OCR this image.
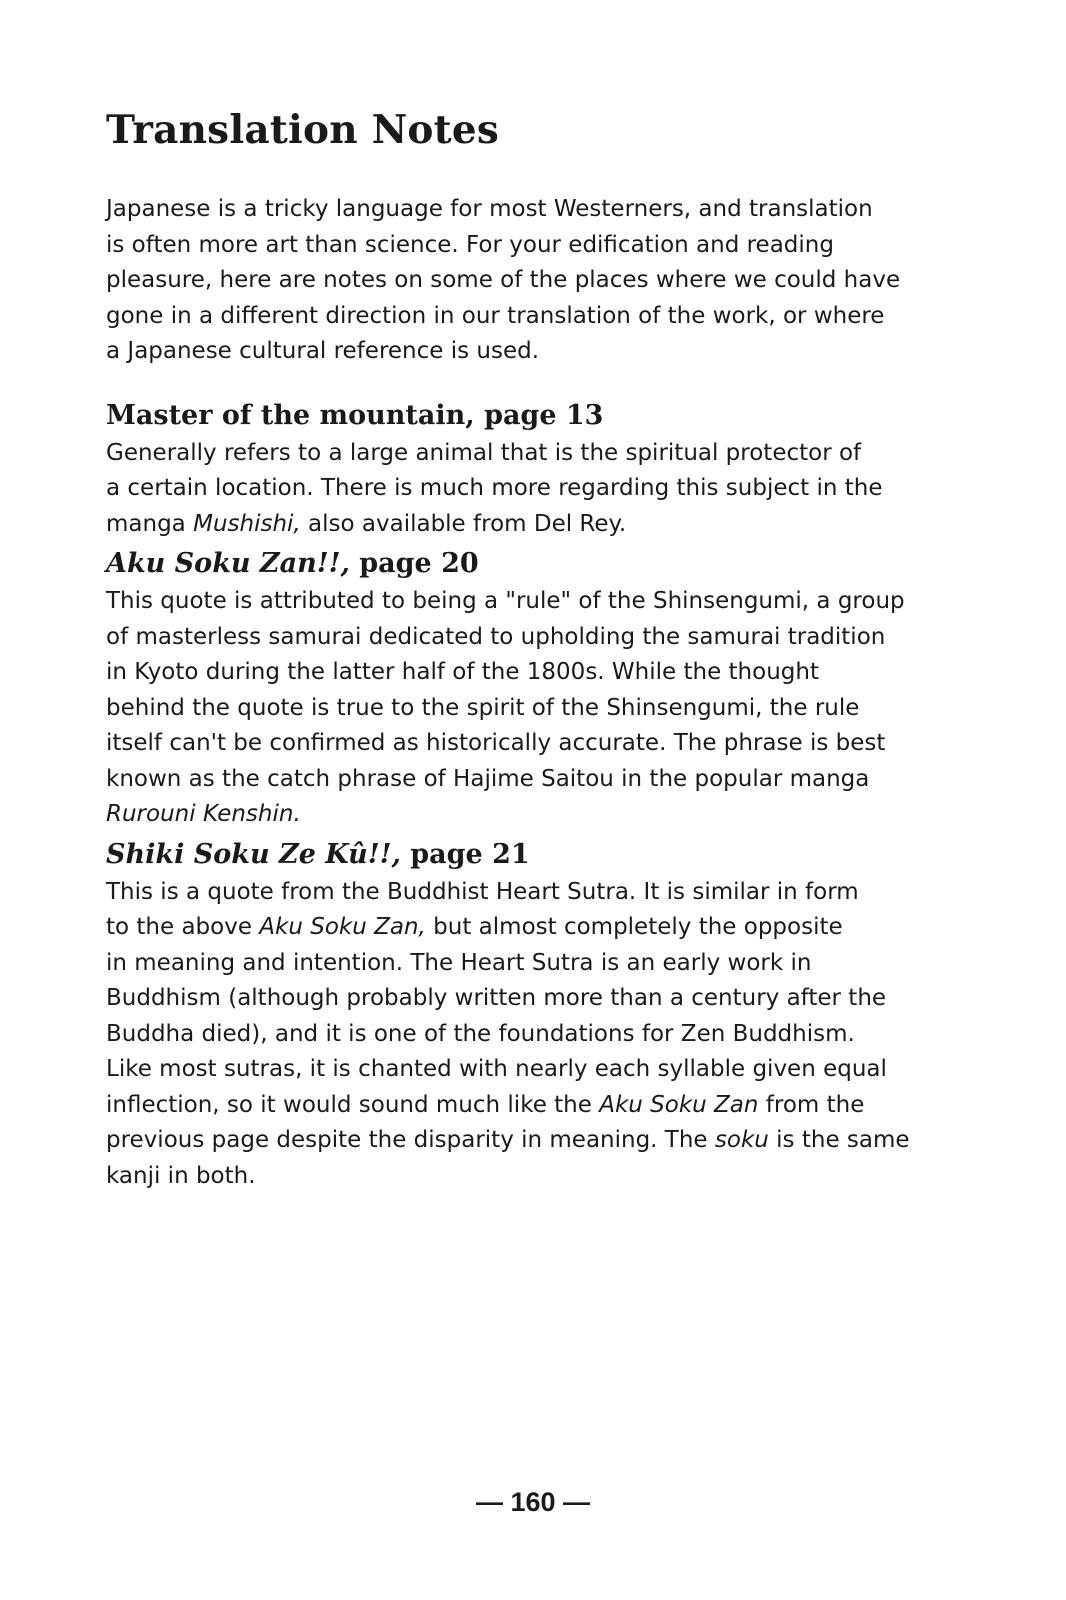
Translation Notes

Japanese is a tricky language for most Westerners, and translation
is often more art than science. For your edification and reading
pleasure, here are notes on some of the places where we could have
gone in a different direction in our translation of the work, or where
a Japanese cultural reference is used.

Master of the mountain, page 13

Generally refers to a large animal that is the spiritual protector of
a certain location. There is much more regarding this subject in the
manga Mushishi, also available from Del Rey.

Aku Soku Zan!!, page 20

This quote is attributed to being a "rule" of the Shinsengumi, a group
of masterless samurai dedicated to upholding the samurai tradition
in Kyoto during the latter half of the 1800s. While the thought
behind the quote is true to the spirit of the Shinsengumi, the rule
itself can't be confirmed as historically accurate. The phrase is best
known as the catch phrase of Hajime Saitou in the popular manga
Rurouni Kenshin.

Shiki Soku Ze Kû!!, page 21

This is a quote from the Buddhist Heart Sutra. It is similar in form
to the above Aku Soku Zan, but almost completely the opposite
in meaning and intention. The Heart Sutra is an early work in
Buddhism (although probably written more than a century after the
Buddha died), and it is one of the foundations for Zen Buddhism.
Like most sutras, it is chanted with nearly each syllable given equal
inflection, so it would sound much like the Aku Soku Zan from the
previous page despite the disparity in meaning. The soku is the same
kanji in both.

— 160 —
